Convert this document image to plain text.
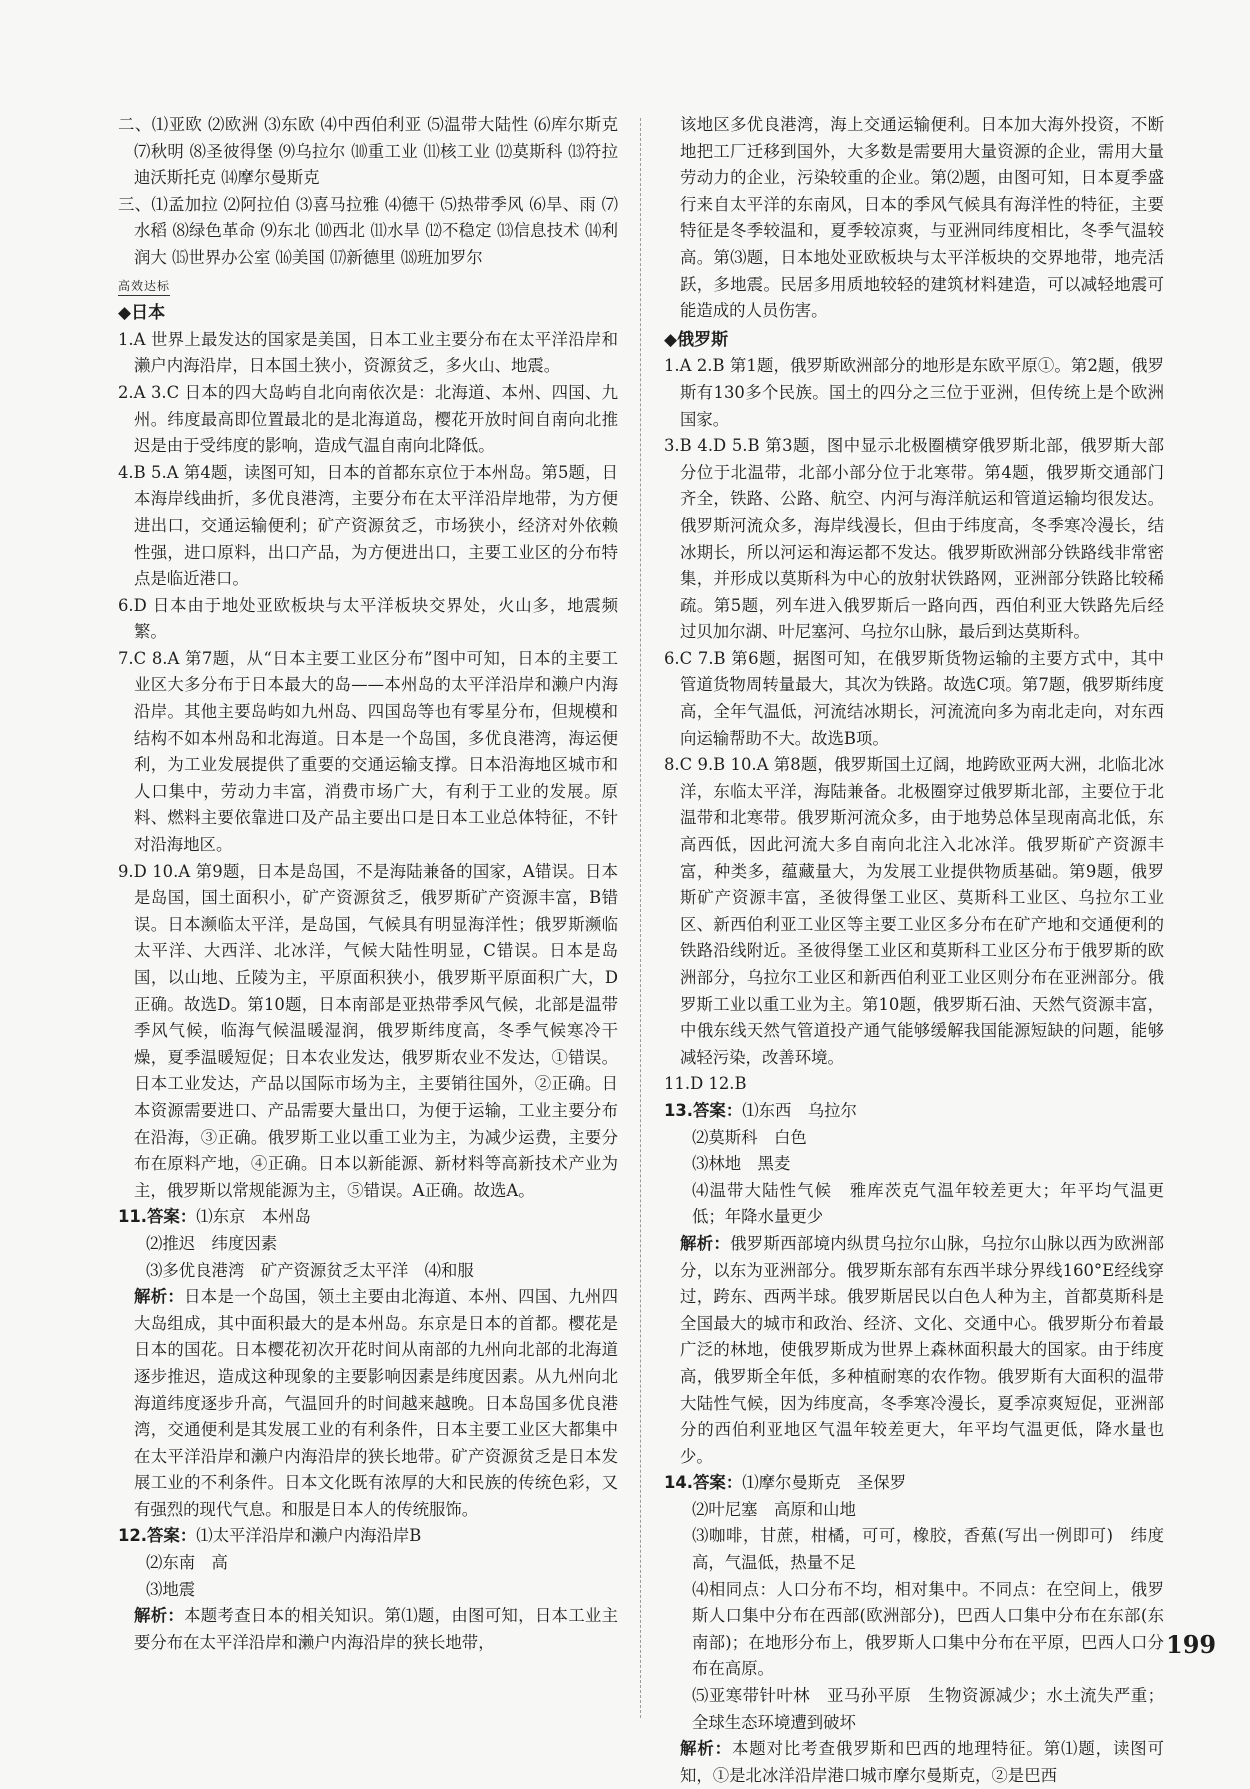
二、⑴亚欧 ⑵欧洲 ⑶东欧 ⑷中西伯利亚 ⑸温带大陆性 ⑹库尔斯克 ⑺秋明 ⑻圣彼得堡 ⑼乌拉尔 ⑽重工业 ⑾核工业 ⑿莫斯科 ⒀符拉迪沃斯托克 ⒁摩尔曼斯克

三、⑴孟加拉 ⑵阿拉伯 ⑶喜马拉雅 ⑷德干 ⑸热带季风 ⑹旱、雨 ⑺水稻 ⑻绿色革命 ⑼东北 ⑽西北 ⑾水旱 ⑿不稳定 ⒀信息技术 ⒁利润大 ⒂世界办公室 ⒃美国 ⒄新德里 ⒅班加罗尔

高效达标
◆日本

1.A 世界上最发达的国家是美国，日本工业主要分布在太平洋沿岸和濑户内海沿岸，日本国土狭小，资源贫乏，多火山、地震。

2.A 3.C 日本的四大岛屿自北向南依次是：北海道、本州、四国、九州。纬度最高即位置最北的是北海道岛，樱花开放时间自南向北推迟是由于受纬度的影响，造成气温自南向北降低。

4.B 5.A 第4题，读图可知，日本的首都东京位于本州岛。第5题，日本海岸线曲折，多优良港湾，主要分布在太平洋沿岸地带，为方便进出口，交通运输便利；矿产资源贫乏，市场狭小，经济对外依赖性强，进口原料，出口产品，为方便进出口，主要工业区的分布特点是临近港口。

6.D 日本由于地处亚欧板块与太平洋板块交界处，火山多，地震频繁。

7.C 8.A 第7题，从“日本主要工业区分布”图中可知，日本的主要工业区大多分布于日本最大的岛——本州岛的太平洋沿岸和濑户内海沿岸。其他主要岛屿如九州岛、四国岛等也有零星分布，但规模和结构不如本州岛和北海道。日本是一个岛国，多优良港湾，海运便利，为工业发展提供了重要的交通运输支撑。日本沿海地区城市和人口集中，劳动力丰富，消费市场广大，有利于工业的发展。原料、燃料主要依靠进口及产品主要出口是日本工业总体特征，不针对沿海地区。

9.D 10.A 第9题，日本是岛国，不是海陆兼备的国家，A错误。日本是岛国，国土面积小，矿产资源贫乏，俄罗斯矿产资源丰富，B错误。日本濒临太平洋，是岛国，气候具有明显海洋性；俄罗斯濒临太平洋、大西洋、北冰洋，气候大陆性明显，C错误。日本是岛国，以山地、丘陵为主，平原面积狭小，俄罗斯平原面积广大，D正确。故选D。第10题，日本南部是亚热带季风气候，北部是温带季风气候，临海气候温暖湿润，俄罗斯纬度高，冬季气候寒冷干燥，夏季温暖短促；日本农业发达，俄罗斯农业不发达，①错误。日本工业发达，产品以国际市场为主，主要销往国外，②正确。日本资源需要进口、产品需要大量出口，为便于运输，工业主要分布在沿海，③正确。俄罗斯工业以重工业为主，为减少运费，主要分布在原料产地，④正确。日本以新能源、新材料等高新技术产业为主，俄罗斯以常规能源为主，⑤错误。A正确。故选A。

11.答案：⑴东京　本州岛

⑵推迟　纬度因素

⑶多优良港湾　矿产资源贫乏太平洋　⑷和服

解析：日本是一个岛国，领土主要由北海道、本州、四国、九州四大岛组成，其中面积最大的是本州岛。东京是日本的首都。樱花是日本的国花。日本樱花初次开花时间从南部的九州向北部的北海道逐步推迟，造成这种现象的主要影响因素是纬度因素。从九州向北海道纬度逐步升高，气温回升的时间越来越晚。日本岛国多优良港湾，交通便利是其发展工业的有利条件，日本主要工业区大都集中在太平洋沿岸和濑户内海沿岸的狭长地带。矿产资源贫乏是日本发展工业的不利条件。日本文化既有浓厚的大和民族的传统色彩，又有强烈的现代气息。和服是日本人的传统服饰。

12.答案：⑴太平洋沿岸和濑户内海沿岸B

⑵东南　高

⑶地震

解析：本题考查日本的相关知识。第⑴题，由图可知，日本工业主要分布在太平洋沿岸和濑户内海沿岸的狭长地带，

该地区多优良港湾，海上交通运输便利。日本加大海外投资，不断地把工厂迁移到国外，大多数是需要用大量资源的企业，需用大量劳动力的企业，污染较重的企业。第⑵题，由图可知，日本夏季盛行来自太平洋的东南风，日本的季风气候具有海洋性的特征，主要特征是冬季较温和，夏季较凉爽，与亚洲同纬度相比，冬季气温较高。第⑶题，日本地处亚欧板块与太平洋板块的交界地带，地壳活跃，多地震。民居多用质地较轻的建筑材料建造，可以减轻地震可能造成的人员伤害。

◆俄罗斯

1.A 2.B 第1题，俄罗斯欧洲部分的地形是东欧平原①。第2题，俄罗斯有130多个民族。国土的四分之三位于亚洲，但传统上是个欧洲国家。

3.B 4.D 5.B 第3题，图中显示北极圈横穿俄罗斯北部，俄罗斯大部分位于北温带，北部小部分位于北寒带。第4题，俄罗斯交通部门齐全，铁路、公路、航空、内河与海洋航运和管道运输均很发达。俄罗斯河流众多，海岸线漫长，但由于纬度高，冬季寒冷漫长，结冰期长，所以河运和海运都不发达。俄罗斯欧洲部分铁路线非常密集，并形成以莫斯科为中心的放射状铁路网，亚洲部分铁路比较稀疏。第5题，列车进入俄罗斯后一路向西，西伯利亚大铁路先后经过贝加尔湖、叶尼塞河、乌拉尔山脉，最后到达莫斯科。

6.C 7.B 第6题，据图可知，在俄罗斯货物运输的主要方式中，其中管道货物周转量最大，其次为铁路。故选C项。第7题，俄罗斯纬度高，全年气温低，河流结冰期长，河流流向多为南北走向，对东西向运输帮助不大。故选B项。

8.C 9.B 10.A 第8题，俄罗斯国土辽阔，地跨欧亚两大洲，北临北冰洋，东临太平洋，海陆兼备。北极圈穿过俄罗斯北部，主要位于北温带和北寒带。俄罗斯河流众多，由于地势总体呈现南高北低，东高西低，因此河流大多自南向北注入北冰洋。俄罗斯矿产资源丰富，种类多，蕴藏量大，为发展工业提供物质基础。第9题，俄罗斯矿产资源丰富，圣彼得堡工业区、莫斯科工业区、乌拉尔工业区、新西伯利亚工业区等主要工业区多分布在矿产地和交通便利的铁路沿线附近。圣彼得堡工业区和莫斯科工业区分布于俄罗斯的欧洲部分，乌拉尔工业区和新西伯利亚工业区则分布在亚洲部分。俄罗斯工业以重工业为主。第10题，俄罗斯石油、天然气资源丰富，中俄东线天然气管道投产通气能够缓解我国能源短缺的问题，能够减轻污染，改善环境。

11.D 12.B

13.答案：⑴东西　乌拉尔

⑵莫斯科　白色

⑶林地　黑麦

⑷温带大陆性气候　雅库茨克气温年较差更大；年平均气温更低；年降水量更少

解析：俄罗斯西部境内纵贯乌拉尔山脉，乌拉尔山脉以西为欧洲部分，以东为亚洲部分。俄罗斯东部有东西半球分界线160°E经线穿过，跨东、西两半球。俄罗斯居民以白色人种为主，首都莫斯科是全国最大的城市和政治、经济、文化、交通中心。俄罗斯分布着最广泛的林地，使俄罗斯成为世界上森林面积最大的国家。由于纬度高，俄罗斯全年低，多种植耐寒的农作物。俄罗斯有大面积的温带大陆性气候，因为纬度高，冬季寒冷漫长，夏季凉爽短促，亚洲部分的西伯利亚地区气温年较差更大，年平均气温更低，降水量也少。

14.答案：⑴摩尔曼斯克　圣保罗

⑵叶尼塞　高原和山地

⑶咖啡，甘蔗，柑橘，可可，橡胶，香蕉(写出一例即可)　纬度高，气温低，热量不足

⑷相同点：人口分布不均，相对集中。不同点：在空间上，俄罗斯人口集中分布在西部(欧洲部分)，巴西人口集中分布在东部(东南部)；在地形分布上，俄罗斯人口集中分布在平原，巴西人口分布在高原。

⑸亚寒带针叶林　亚马孙平原　生物资源减少；水土流失严重；全球生态环境遭到破坏

解析：本题对比考查俄罗斯和巴西的地理特征。第⑴题，读图可知，①是北冰洋沿岸港口城市摩尔曼斯克，②是巴西

199
